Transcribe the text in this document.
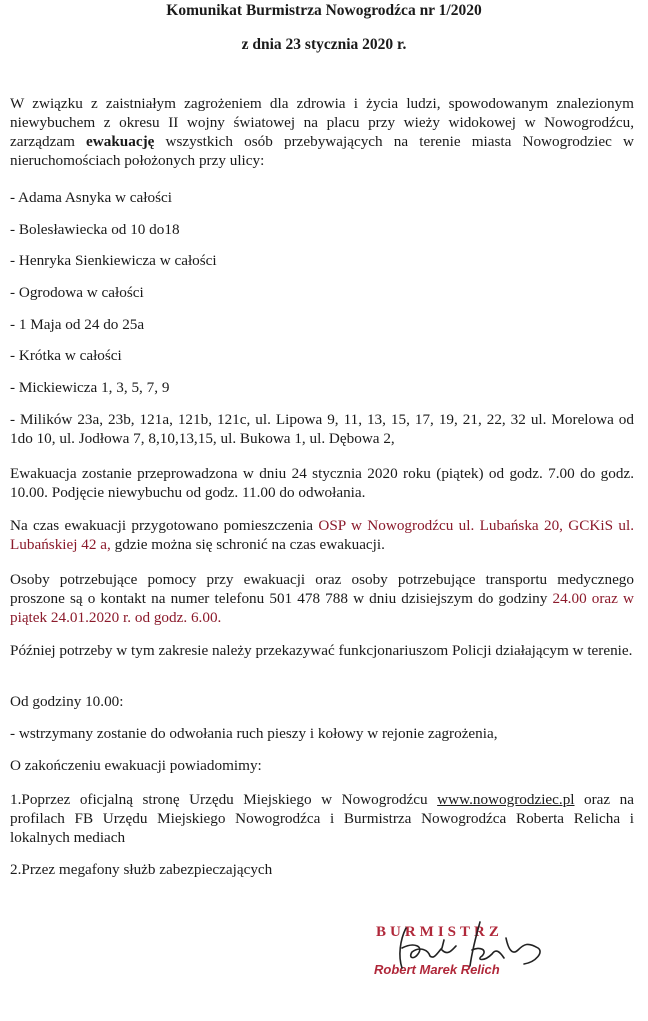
Komunikat Burmistrza Nowogrodźca nr 1/2020
z dnia 23 stycznia 2020 r.
W związku z zaistniałym zagrożeniem dla zdrowia i życia ludzi, spowodowanym znalezionym niewybuchem z okresu II wojny światowej na placu przy wieży widokowej w Nowogrodźcu, zarządzam ewakuację wszystkich osób przebywających na terenie miasta Nowogrodziec w nieruchomościach położonych przy ulicy:
- Adama Asnyka w całości
- Bolesławiecka od 10 do18
- Henryka Sienkiewicza w całości
- Ogrodowa w całości
- 1 Maja od 24 do 25a
- Krótka w całości
- Mickiewicza 1, 3, 5, 7, 9
- Milików 23a, 23b, 121a, 121b, 121c, ul. Lipowa 9, 11, 13, 15, 17, 19, 21, 22, 32 ul. Morelowa od 1do 10, ul. Jodłowa 7, 8,10,13,15, ul. Bukowa 1, ul. Dębowa 2,
Ewakuacja zostanie przeprowadzona w dniu 24 stycznia 2020 roku (piątek) od godz. 7.00 do godz. 10.00. Podjęcie niewybuchu od godz. 11.00 do odwołania.
Na czas ewakuacji przygotowano pomieszczenia OSP w Nowogrodźcu ul. Lubańska 20, GCKiS ul. Lubańskiej 42 a, gdzie można się schronić na czas ewakuacji.
Osoby potrzebujące pomocy przy ewakuacji oraz osoby potrzebujące transportu medycznego proszone są o kontakt na numer telefonu 501 478 788 w dniu dzisiejszym do godziny 24.00 oraz w piątek 24.01.2020 r. od godz. 6.00.
Później potrzeby w tym zakresie należy przekazywać funkcjonariuszom Policji działającym w terenie.
Od godziny 10.00:
- wstrzymany zostanie do odwołania ruch pieszy i kołowy w rejonie zagrożenia,
O zakończeniu ewakuacji powiadomimy:
1.Poprzez oficjalną stronę Urzędu Miejskiego w Nowogrodźcu www.nowogrodziec.pl oraz na profilach FB Urzędu Miejskiego Nowogrodźca i Burmistrza Nowogrodźca Roberta Relicha i lokalnych mediach
2.Przez megafony służb zabezpieczających
BURMISTRZ
Robert Marek Relich
